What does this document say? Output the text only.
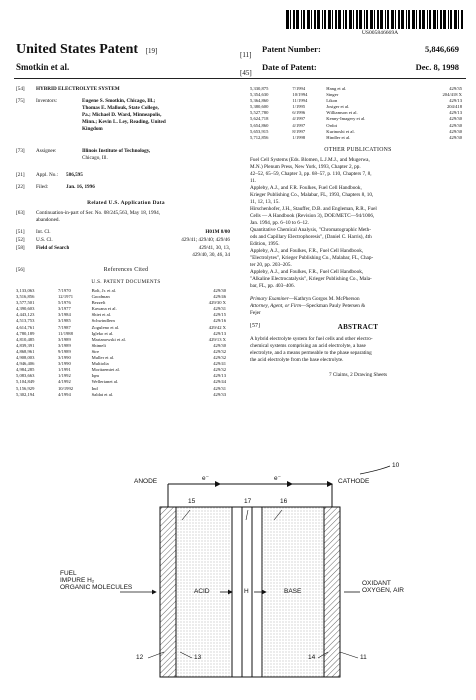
US005846669A
United States Patent [19]
Smotkin et al.
[11]
Patent Number:	5,846,669
[45]
Date of Patent:	Dec. 8, 1998
[54] HYBRID ELECTROLYTE SYSTEM
[75] Inventors:	Eugene S. Smotkin, Chicago, Ill.;
Thomas E. Mallouk, State College,
Pa.; Michael D. Ward, Minneapolis,
Minn.; Kevin L. Ley, Reading, United
Kingdom
[73] Assignee:	Illinois Institute of Technology,
Chicago, Ill.
[21] Appl. No.: 586,595
[22] Filed:	Jan. 16, 1996
Related U.S. Application Data
[63] Continuation-in-part of Ser. No. 08/245,563, May 18, 1994,
abandoned.
[51] Int. Cl.	H01M 8/00
[52] U.S. Cl.	429/41; 429/40; 429/46
[58] Field of Search	429/41, 30, 13,
429/40, 30, 46, 34
[56]	References Cited
U.S. PATENT DOCUMENTS
3,133,063	7/1970	Bolt, Jr. et al.	429/30
3,516,856	12/1971	Goodman	429/46
3,577,501	5/1976	Bezzelt	429/30 X
4,390,603	3/1977	Kawana et al.	429/31
4,443,123	3/1984	Shiet et al.	429/15
4,513,753	3/1985	Schwindlern	429/16
4,614,761	7/1987	Zoguleno et al.	429/42 X
4,780,189	11/1988	Igleko et al.	429/13
4,810,485	3/1989	Marianowski et al.	429/13 X
4,839,391	3/1989	Shimeli	429/30
4,868,961	9/1989	Sire	429/32
4,908,003	3/1990	Muller et al.	429/32
4,946,406	3/1990	Multiolia	429/41
4,984,285	1/1991	Moritaemiet al.	429/32
5,083,663	1/1992	Iqm	429/13
5,104,849	4/1992	Wellerianet al.	429/44
5,156,929	10/1992	Ind	429/31
5,302,194	4/1994	Saldat et al.	429/33
5,330,875	7/1994	Hang et al.	429/35
5,354,630	10/1994	Singer	204/418 X
5,364,860	11/1994	Likon	429/13
5,380,600	1/1995	Josiger et al.	204/418
5,527,780	6/1996	Williamson et al.	429/13
5,624,718	4/1997	Kenny-Imagery et al.	429/30
5,654,860	4/1997	Ordot	429/30
5,653,915	8/1997	Kurinoshi et al.	429/30
5,712,856	1/1998	Hindler et al.	429/30
OTHER PUBLICATIONS
Fuel Cell Systems (Eds. Blomen, L.J.M.J., and Mugerwa,
M.N.) Plenum Press, New York, 1993, Chapter 2, pp.
42–52, 65–59, Chapter 3, pp. 68–57, p. 110, Chapters 7, 8,
11.
Appleby, A.J., and F.R. Foulkes, Fuel Cell Handbook,
Krieger Publishing Co., Malabar, FL, 1993, Chapters 8, 10,
11, 12, 13, 15.
Hirschenhofer, J.H., Stauffer, D.B. and Engleman, R.R., Fuel
Cells — A Handbook (Revision 3), DOE/METC—94/1006,
Jan. 1994, pp. 6–10 to 6–12.
Quantitative Chemical Analysis, "Chromatographic Meth-
ods and Capillary Electrophoresis", (Daniel C. Harris), 4th
Edition, 1995.
Appleby, A.J., and Foulkes, F.R., Fuel Cell Handbook,
"Electrolytes", Krieger Publishing Co., Malabar, FL, Chap-
ter 20, pp. 203–205.
Appleby, A.J., and Foulkes, F.R., Fuel Cell Handbook,
"Alkaline Electrocatalysis", Krieger Publishing Co., Mala-
bar, FL, pp. 403–406.
Primary Examiner—Kathryn Gorgos M. McPherson
Attorney, Agent, or Firm—Speckman Pauly Petersen &
Fejer
[57]	ABSTRACT
A hybrid electrolyte system for fuel cells and other electro-
chemical systems comprising an acid electrolyte, a base
electrolyte, and a means permeable to the phase separating
the acid electrolyte from the base electrolyte.
7 Claims, 2 Drawing Sheets
ANODE	e⁻	e⁻	CATHODE
10
15	17	16
FUEL
IMPURE H₂
ORGANIC MOLECULES
ACID	H	BASE
OXIDANT
OXYGEN, AIR
12	13	14	11
